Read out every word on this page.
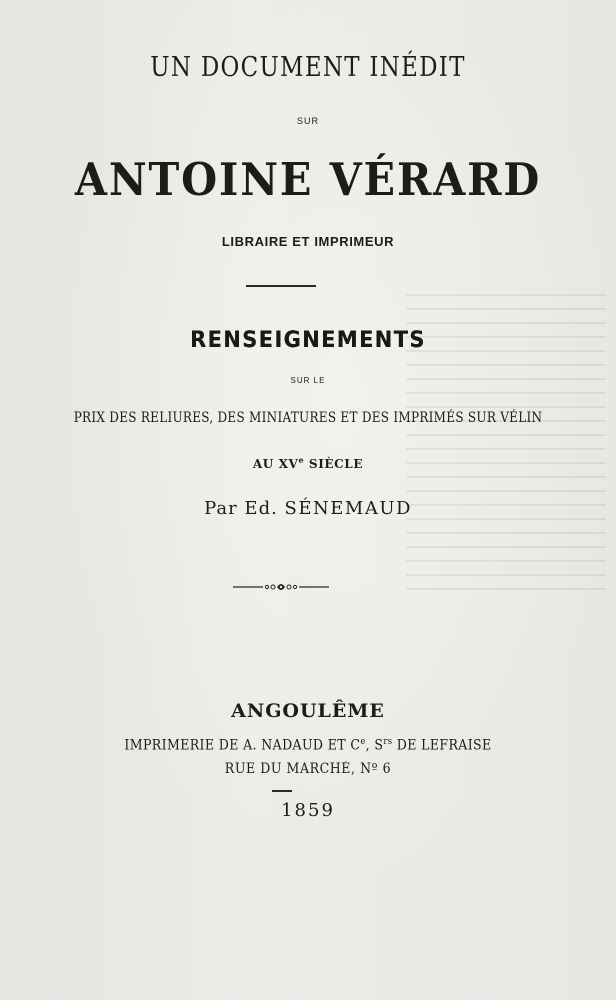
UN DOCUMENT INÉDIT
SUR
ANTOINE VÉRARD
LIBRAIRE ET IMPRIMEUR
RENSEIGNEMENTS
SUR LE
PRIX DES RELIURES, DES MINIATURES ET DES IMPRIMÉS SUR VÉLIN
AU XVe SIÈCLE
Par Ed. SÉNEMAUD
ANGOULÊME
IMPRIMERIE DE A. NADAUD ET Ce, $S^{rs}$ DE LEFRAISE
RUE DU MARCHÉ, Nº 6
1859
